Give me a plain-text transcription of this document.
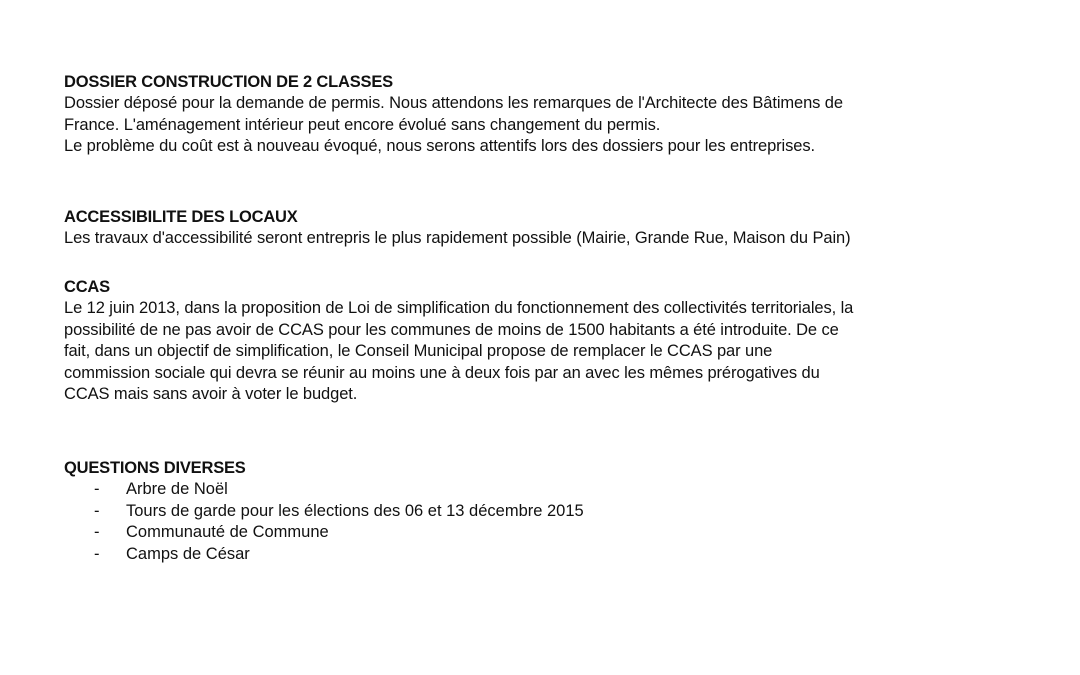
DOSSIER CONSTRUCTION DE 2 CLASSES

Dossier déposé pour la demande de permis. Nous attendons les remarques de l'Architecte des Bâtimens de

France. L'aménagement intérieur peut encore évolué sans changement du permis.

Le problème du coût est à nouveau évoqué, nous serons attentifs lors des dossiers pour les entreprises.

ACCESSIBILITE DES LOCAUX

Les travaux d'accessibilité seront entrepris le plus rapidement possible (Mairie, Grande Rue, Maison du Pain)

CCAS

Le 12 juin 2013, dans la proposition de Loi de simplification du fonctionnement des collectivités territoriales, la

possibilité de ne pas avoir de CCAS pour les communes de moins de 1500 habitants a été introduite. De ce

fait, dans un objectif de simplification, le Conseil Municipal propose de remplacer le CCAS par une

commission sociale qui devra se réunir au moins une à deux fois par an avec les mêmes prérogatives du

CCAS mais sans avoir à voter le budget.

QUESTIONS DIVERSES

- Arbre de Noël
- Tours de garde pour les élections des 06 et 13 décembre 2015
- Communauté de Commune
- Camps de César
